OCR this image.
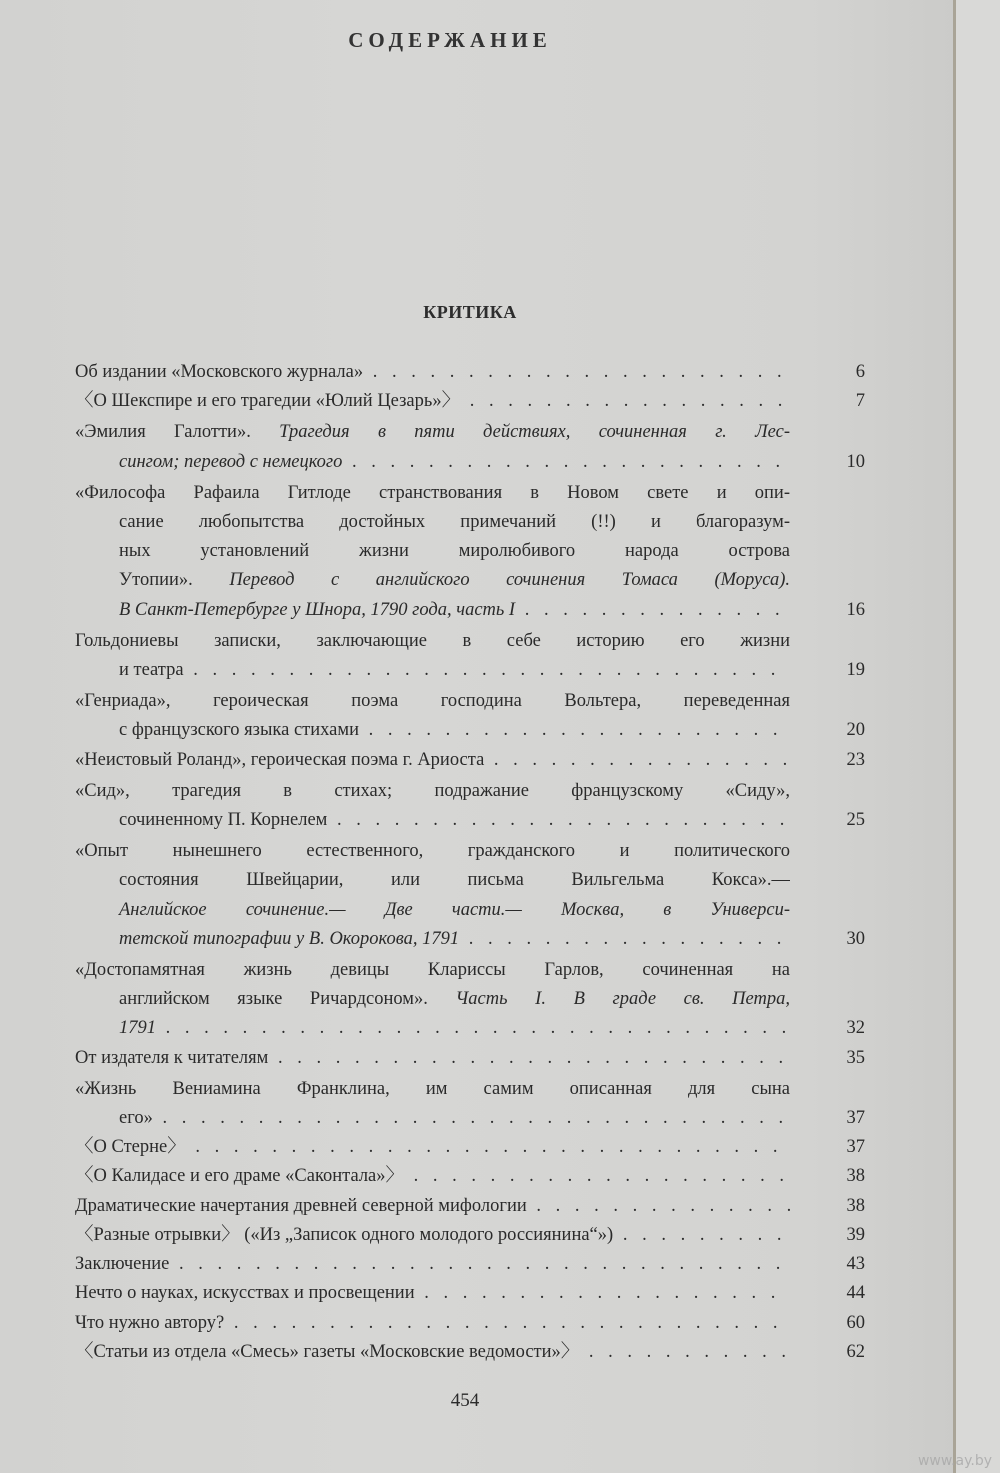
СОДЕРЖАНИЕ
КРИТИКА
Об издании «Московского журнала» . . .	6
〈О Шекспире и его трагедии «Юлий Цезарь»〉 . . .	7
«Эмилия Галотти». Трагедия в пяти действиях, сочиненная г. Лес-
сингом; перевод с немецкого . . .	10
«Философа Рафаила Гитлоде странствования в Новом свете и опи-
сание любопытства достойных примечаний (!!) и благоразум-
ных установлений жизни миролюбивого народа острова
Утопии». Перевод с английского сочинения Томаса (Моруса).
В Санкт-Петербурге у Шнора, 1790 года, часть I . . .	16
Гольдониевы записки, заключающие в себе историю его жизни
и театра . . .	19
«Генриада», героическая поэма господина Вольтера, переведенная
с французского языка стихами . . .	20
«Неистовый Роланд», героическая поэма г. Ариоста . . .	23
«Сид», трагедия в стихах; подражание французскому «Сиду»,
сочиненному П. Корнелем . . .	25
«Опыт нынешнего естественного, гражданского и политического
состояния Швейцарии, или письма Вильгельма Кокса».—
Английское сочинение.— Две части.— Москва, в Универси-
тетской типографии у В. Окорокова, 1791 . . .	30
«Достопамятная жизнь девицы Клариссы Гарлов, сочиненная на
английском языке Ричардсоном». Часть I. В граде св. Петра,
1791 . . .	32
От издателя к читателям . . .	35
«Жизнь Вениамина Франклина, им самим описанная для сына
его» . . .	37
〈О Стерне〉 . . .	37
〈О Калидасе и его драме «Саконтала»〉 . . .	38
Драматические начертания древней северной мифологии . . .	38
〈Разные отрывки〉 («Из „Записок одного молодого россиянина“») . . .	39
Заключение . . .	43
Нечто о науках, искусствах и просвещении . . .	44
Что нужно автору? . . .	60
〈Статьи из отдела «Смесь» газеты «Московские ведомости»〉 . . .	62
454
www.ay.by
